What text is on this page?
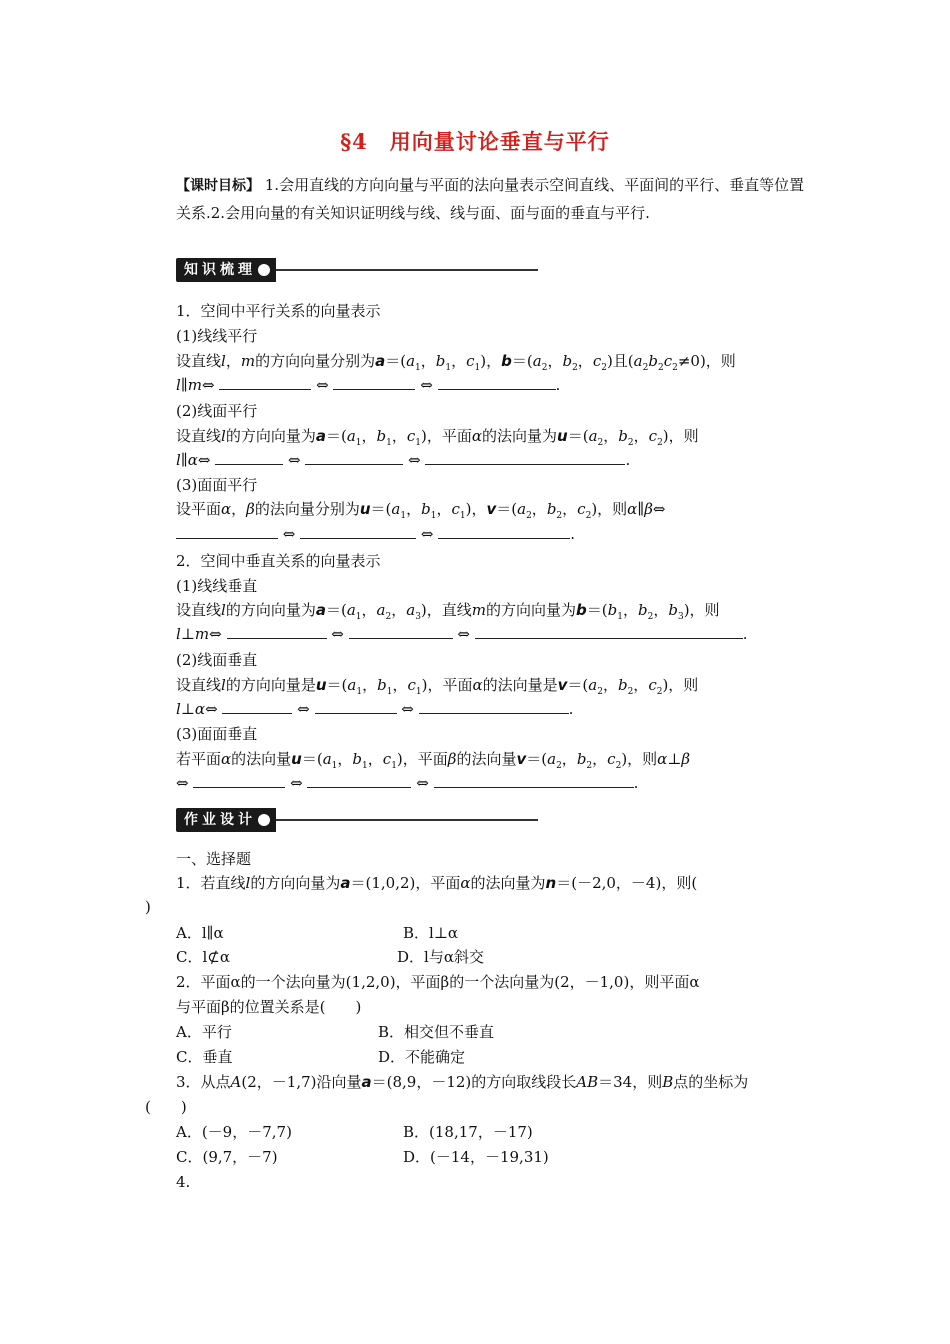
§4　用向量讨论垂直与平行
【课时目标】 1.会用直线的方向向量与平面的法向量表示空间直线、平面间的平行、垂直等位置关系.2.会用向量的有关知识证明线与线、线与面、面与面的垂直与平行.
知识梳理
1．空间中平行关系的向量表示
(1)线线平行
设直线l，m的方向向量分别为$a=(a_1$，$b_1$，$c_1$)，$b=(a_2$，$b_2$，$c_2$)且$(a_2b_2c_2\ne 0)$，则
l∥m⇔	⇔	⇔	.
(2)线面平行
设直线l的方向向量为$a=(a_1$，$b_1$，$c_1$)，平面α的法向量为$u=(a_2$，$b_2$，$c_2$)，则
l∥α⇔	⇔	⇔	.
(3)面面平行
设平面α，β的法向量分别为$u=(a_1$，$b_1$，$c_1$)，$v=(a_2$，$b_2$，$c_2$)，则α∥β⇔
⇔	⇔	.
2．空间中垂直关系的向量表示
(1)线线垂直
设直线l的方向向量为$a=(a_1$，$a_2$，$a_3$)，直线m的方向向量为$b=(b_1$，$b_2$，$b_3$)，则
l⊥m⇔	⇔	⇔	.
(2)线面垂直
设直线l的方向向量是$u=(a_1$，$b_1$，$c_1$)，平面α的法向量是$v=(a_2$，$b_2$，$c_2$)，则
l⊥α⇔	⇔	⇔	.
(3)面面垂直
若平面α的法向量$u=(a_1$，$b_1$，$c_1$)，平面β的法向量$v=(a_2$，$b_2$，$c_2$)，则α⊥β
⇔	⇔	⇔	.
作业设计
一、选择题
1．若直线l的方向向量为a＝(1,0,2)，平面α的法向量为n＝(－2,0，－4)，则(
)
A．l∥α	B．l⊥α
C．l⊄α	D．l与α斜交
2．平面α的一个法向量为(1,2,0)，平面β的一个法向量为(2，－1,0)，则平面α
与平面β的位置关系是(　　)
A．平行	B．相交但不垂直
C．垂直	D．不能确定
3．从点A(2，－1,7)沿向量a＝(8,9，－12)的方向取线段长AB＝34，则B点的坐标为
(　　)
A．(－9，－7,7)	B．(18,17，－17)
C．(9,7，－7)	D．(－14，－19,31)
4.
